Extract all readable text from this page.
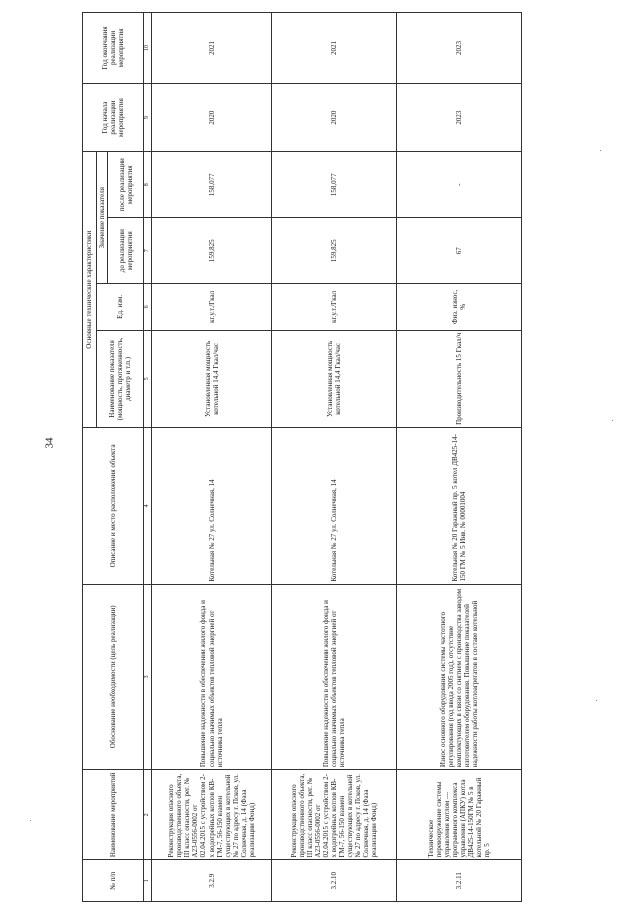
34
№ п/п	Наименование мероприятий	Обоснование необходимости (цель реализации)	Описание и место расположения объекта	Основные технические характеристики				Год начала реализации мероприятия	Год окончания реализации мероприятия
				Наименование показателя (мощность, протяженность, диаметр и т.п.)	Ед. изм.	Значение показателя			
						до реализации мероприятия	после реализации мероприятия		
1	2	3	4	5	6	7	8	9	10
3.2.9	Реконструкция опасного производственного объекта, III класс опасности, рег. № А23-0556-0002 от 02.04.2015 с устройством 2-х водогрейных котлов КВ-ГМ-7, 56-150 взамен существующих в котельной № 27 по адресу г. Псков, ул. Солнечная, д. 14 (Фаза реализации Фонд)	Повышение надежности в обеспечении жилого фонда и социально значимых объектов тепловой энергией от источника тепла	Котельная № 27 ул. Солнечная, 14	Установленная мощность котельной 14,4 Гкал/час	кг.у.т./Гкал	159,825	158,077	2020	2021
3.2.10	Реконструкция опасного производственного объекта, III класс опасности, рег. № А23-0556-0002 от 02.04.2015 с устройством 2-х водогрейных котлов КВ-ГМ-7, 56-150 взамен существующих в котельной № 27 по адресу г. Псков, ул. Солнечная, д. 14 (Фаза реализации Фонд)	Повышение надежности в обеспечении жилого фонда и социально значимых объектов тепловой энергией от источника тепла	Котельная № 27 ул. Солнечная, 14	Установленная мощность котельной 14,4 Гкал/час	кг.у.т./Гкал	159,825	158,077	2020	2021
3.2.11	Техническое перевооружение системы управления котлом — программного комплекса управления (АПКУ) котла ДВ425-14-150ГМ № 5 в котельной № 20 Гаражный пр. 5	Износ основного оборудования системы частотного регулирования (год ввода 2005 год), отсутствие комплектующих в связи со снятием с производства заводом изготовителем оборудования. Повышение показателей надежности работы котлоагрегатов в составе котельной	Котельная № 20 Гаражный пр. 5 котел ДВ425-14-150 ГМ № 5 Инв. № 00001004	Производительность 15 Гкал/ч	Физ. износ, %	67	-	2023	2023
